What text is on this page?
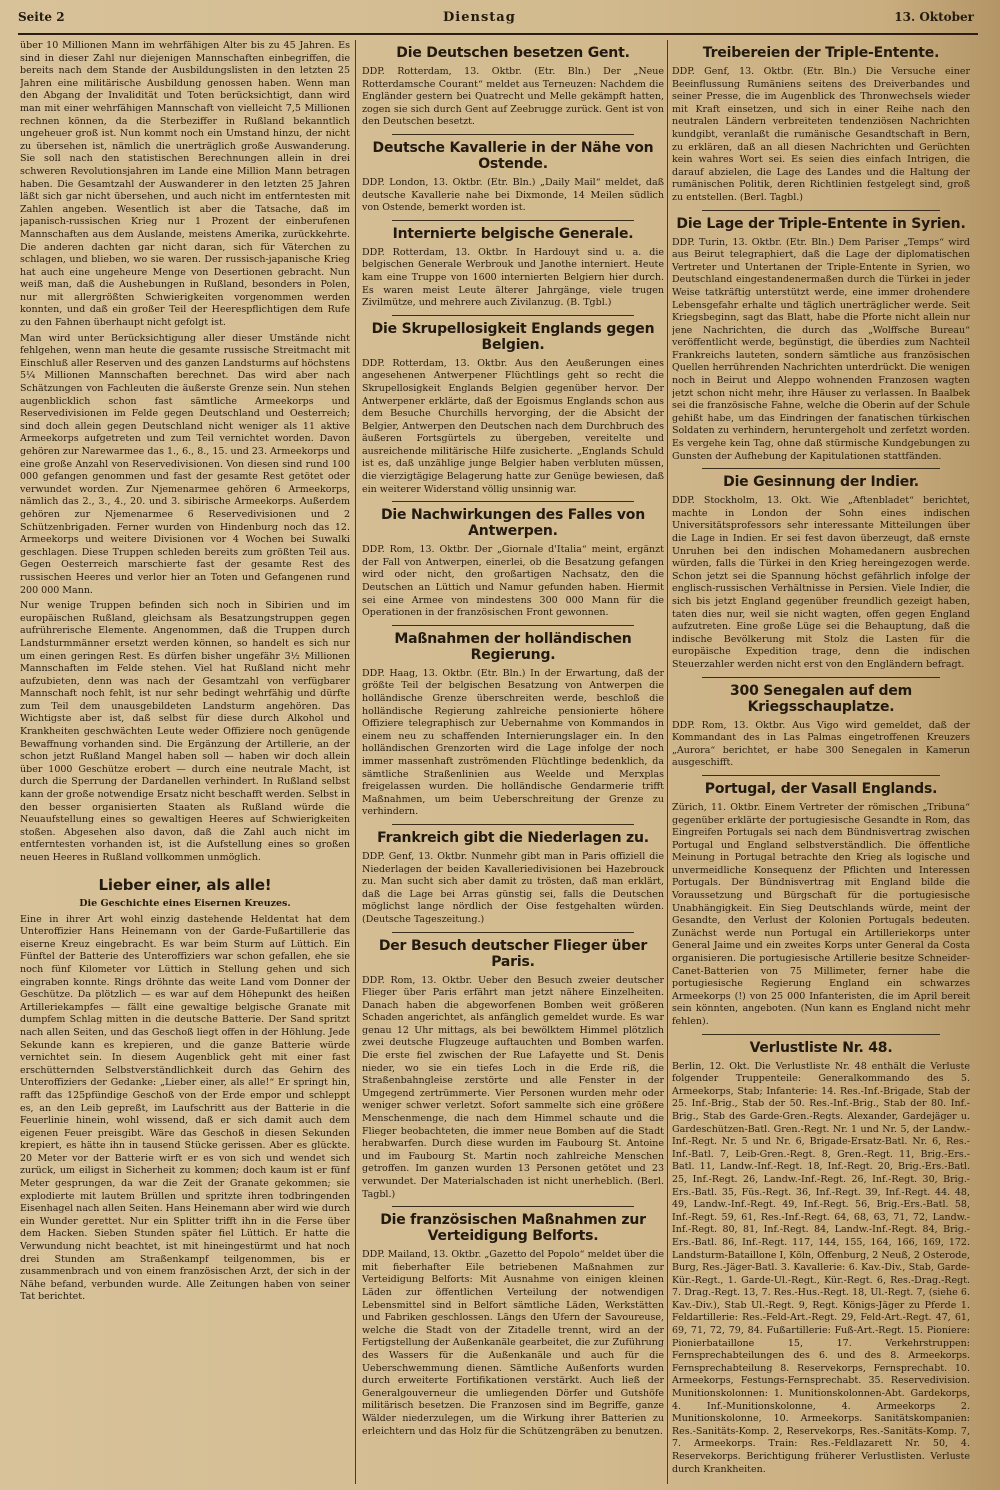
Seite 2	Dienstag	13. Oktober

über 10 Millionen Mann im wehrfähigen Alter bis zu 45 Jahren. Es sind in dieser Zahl nur diejenigen Mannschaften einbegriffen, die bereits nach dem Stande der Ausbildungslisten in den letzten 25 Jahren eine militärische Ausbildung genossen haben. Wenn man den Abgang der Invalidität und Toten berücksichtigt, dann wird man mit einer wehrfähigen Mannschaft von vielleicht 7,5 Millionen rechnen können, da die Sterbeziffer in Rußland bekanntlich ungeheuer groß ist. Nun kommt noch ein Umstand hinzu, der nicht zu übersehen ist, nämlich die unerträglich große Auswanderung. Sie soll nach den statistischen Berechnungen allein in drei schweren Revolutionsjahren im Lande eine Million Mann betragen haben. Die Gesamtzahl der Auswanderer in den letzten 25 Jahren läßt sich gar nicht übersehen, und auch nicht im entferntesten mit Zahlen angeben. Wesentlich ist aber die Tatsache, daß im japanisch-russischen Krieg nur 1 Prozent der einberufenen Mannschaften aus dem Auslande, meistens Amerika, zurückkehrte. Die anderen dachten gar nicht daran, sich für Väterchen zu schlagen, und blieben, wo sie waren. Der russisch-japanische Krieg hat auch eine ungeheure Menge von Desertionen gebracht. Nun weiß man, daß die Aushebungen in Rußland, besonders in Polen, nur mit allergrößten Schwierigkeiten vorgenommen werden konnten, und daß ein großer Teil der Heerespflichtigen dem Rufe zu den Fahnen überhaupt nicht gefolgt ist.

Man wird unter Berücksichtigung aller dieser Umstände nicht fehlgehen, wenn man heute die gesamte russische Streitmacht mit Einschluß aller Reserven und des ganzen Landsturms auf höchstens 5¼ Millionen Mannschaften berechnet. Das wird aber nach Schätzungen von Fachleuten die äußerste Grenze sein. Nun stehen augenblicklich schon fast sämtliche Armeekorps und Reservedivisionen im Felde gegen Deutschland und Oesterreich; sind doch allein gegen Deutschland nicht weniger als 11 aktive Armeekorps aufgetreten und zum Teil vernichtet worden. Davon gehören zur Narewarmee das 1., 6., 8., 15. und 23. Armeekorps und eine große Anzahl von Reservedivisionen. Von diesen sind rund 100 000 gefangen genommen und fast der gesamte Rest getötet oder verwundet worden. Zur Njemenarmee gehören 6 Armeekorps, nämlich das 2., 3., 4., 20. und 3. sibirische Armeekorps. Außerdem gehören zur Njemenarmee 6 Reservedivisionen und 2 Schützenbrigaden. Ferner wurden von Hindenburg noch das 12. Armeekorps und weitere Divisionen vor 4 Wochen bei Suwalki geschlagen. Diese Truppen schleden bereits zum größten Teil aus. Gegen Oesterreich marschierte fast der gesamte Rest des russischen Heeres und verlor hier an Toten und Gefangenen rund 200 000 Mann.

Nur wenige Truppen befinden sich noch in Sibirien und im europäischen Rußland, gleichsam als Besatzungstruppen gegen aufrührerische Elemente. Angenommen, daß die Truppen durch Landsturmmänner ersetzt werden können, so handelt es sich nur um einen geringen Rest. Es dürfen bisher ungefähr 3½ Millionen Mannschaften im Felde stehen. Viel hat Rußland nicht mehr aufzubieten, denn was nach der Gesamtzahl von verfügbarer Mannschaft noch fehlt, ist nur sehr bedingt wehrfähig und dürfte zum Teil dem unausgebildeten Landsturm angehören. Das Wichtigste aber ist, daß selbst für diese durch Alkohol und Krankheiten geschwächten Leute weder Offiziere noch genügende Bewaffnung vorhanden sind. Die Ergänzung der Artillerie, an der schon jetzt Rußland Mangel haben soll — haben wir doch allein über 1000 Geschütze erobert — durch eine neutrale Macht, ist durch die Sperrung der Dardanellen verhindert. In Rußland selbst kann der große notwendige Ersatz nicht beschafft werden. Selbst in den besser organisierten Staaten als Rußland würde die Neuaufstellung eines so gewaltigen Heeres auf Schwierigkeiten stoßen. Abgesehen also davon, daß die Zahl auch nicht im entferntesten vorhanden ist, ist die Aufstellung eines so großen neuen Heeres in Rußland vollkommen unmöglich.

Lieber einer, als alle!
Die Geschichte eines Eisernen Kreuzes.

Eine in ihrer Art wohl einzig dastehende Heldentat hat dem Unteroffizier Hans Heinemann von der Garde-Fußartillerie das eiserne Kreuz eingebracht. Es war beim Sturm auf Lüttich. Ein Fünftel der Batterie des Unteroffiziers war schon gefallen, ehe sie noch fünf Kilometer vor Lüttich in Stellung gehen und sich eingraben konnte. Rings dröhnte das weite Land vom Donner der Geschütze. Da plötzlich — es war auf dem Höhepunkt des heißen Artilleriekampfes — fällt eine gewaltige belgische Granate mit dumpfem Schlag mitten in die deutsche Batterie. Der Sand spritzt nach allen Seiten, und das Geschoß liegt offen in der Höhlung. Jede Sekunde kann es krepieren, und die ganze Batterie würde vernichtet sein. In diesem Augenblick geht mit einer fast erschütternden Selbstverständlichkeit durch das Gehirn des Unteroffiziers der Gedanke: „Lieber einer, als alle!“ Er springt hin, rafft das 125pfündige Geschoß von der Erde empor und schleppt es, an den Leib gepreßt, im Laufschritt aus der Batterie in die Feuerlinie hinein, wohl wissend, daß er sich damit auch dem eigenen Feuer preisgibt. Wäre das Geschoß in diesen Sekunden krepiert, es hätte ihn in tausend Stücke gerissen. Aber es glückte. 20 Meter vor der Batterie wirft er es von sich und wendet sich zurück, um eiligst in Sicherheit zu kommen; doch kaum ist er fünf Meter gesprungen, da war die Zeit der Granate gekommen; sie explodierte mit lautem Brüllen und spritzte ihren todbringenden Eisenhagel nach allen Seiten. Hans Heinemann aber wird wie durch ein Wunder gerettet. Nur ein Splitter trifft ihn in die Ferse über dem Hacken. Sieben Stunden später fiel Lüttich. Er hatte die Verwundung nicht beachtet, ist mit hineingestürmt und hat noch drei Stunden am Straßenkampf teilgenommen, bis er zusammenbrach und von einem französischen Arzt, der sich in der Nähe befand, verbunden wurde. Alle Zeitungen haben von seiner Tat berichtet.

Die Deutschen besetzen Gent.

DDP. Rotterdam, 13. Oktbr. (Etr. Bln.) Der „Neue Rotterdamsche Courant“ meldet aus Terneuzen: Nachdem die Engländer gestern bei Quatrecht und Melle gekämpft hatten, zogen sie sich durch Gent auf Zeebrugge zurück. Gent ist von den Deutschen besetzt.

Deutsche Kavallerie in der Nähe von Ostende.

DDP. London, 13. Oktbr. (Etr. Bln.) „Daily Mail“ meldet, daß deutsche Kavallerie nahe bei Dixmonde, 14 Meilen südlich von Ostende, bemerkt worden ist.

Internierte belgische Generale.

DDP. Rotterdam, 13. Oktbr. In Hardouyt sind u. a. die belgischen Generale Werbrouk und Janothe interniert. Heute kam eine Truppe von 1600 internierten Belgiern hier durch. Es waren meist Leute älterer Jahrgänge, viele trugen Zivilmütze, und mehrere auch Zivilanzug. (B. Tgbl.)

Die Skrupellosigkeit Englands gegen Belgien.

DDP. Rotterdam, 13. Oktbr. Aus den Aeußerungen eines angesehenen Antwerpener Flüchtlings geht so recht die Skrupellosigkeit Englands Belgien gegenüber hervor. Der Antwerpener erklärte, daß der Egoismus Englands schon aus dem Besuche Churchills hervorging, der die Absicht der Belgier, Antwerpen den Deutschen nach dem Durchbruch des äußeren Fortsgürtels zu übergeben, vereitelte und ausreichende militärische Hilfe zusicherte. „Englands Schuld ist es, daß unzählige junge Belgier haben verbluten müssen, die vierzigtägige Belagerung hatte zur Genüge bewiesen, daß ein weiterer Widerstand völlig unsinnig war.

Die Nachwirkungen des Falles von Antwerpen.

DDP. Rom, 13. Oktbr. Der „Giornale d'Italia“ meint, ergänzt der Fall von Antwerpen, einerlei, ob die Besatzung gefangen wird oder nicht, den großartigen Nachsatz, den die Deutschen an Lüttich und Namur gefunden haben. Hiermit sei eine Armee von mindestens 300 000 Mann für die Operationen in der französischen Front gewonnen.

Maßnahmen der holländischen Regierung.

DDP. Haag, 13. Oktbr. (Etr. Bln.) In der Erwartung, daß der größte Teil der belgischen Besatzung von Antwerpen die holländische Grenze überschreiten werde, beschloß die holländische Regierung zahlreiche pensionierte höhere Offiziere telegraphisch zur Uebernahme von Kommandos in einem neu zu schaffenden Internierungslager ein. In den holländischen Grenzorten wird die Lage infolge der noch immer massenhaft zuströmenden Flüchtlinge bedenklich, da sämtliche Straßenlinien aus Weelde und Merxplas freigelassen wurden. Die holländische Gendarmerie trifft Maßnahmen, um beim Ueberschreitung der Grenze zu verhindern.

Frankreich gibt die Niederlagen zu.

DDP. Genf, 13. Oktbr. Nunmehr gibt man in Paris offiziell die Niederlagen der beiden Kavalleriedivisionen bei Hazebrouck zu. Man sucht sich aber damit zu trösten, daß man erklärt, daß die Lage bei Arras günstig sei, falls die Deutschen möglichst lange nördlich der Oise festgehalten würden. (Deutsche Tageszeitung.)

Der Besuch deutscher Flieger über Paris.

DDP. Rom, 13. Oktbr. Ueber den Besuch zweier deutscher Flieger über Paris erfährt man jetzt nähere Einzelheiten. Danach haben die abgeworfenen Bomben weit größeren Schaden angerichtet, als anfänglich gemeldet wurde. Es war genau 12 Uhr mittags, als bei bewölktem Himmel plötzlich zwei deutsche Flugzeuge auftauchten und Bomben warfen. Die erste fiel zwischen der Rue Lafayette und St. Denis nieder, wo sie ein tiefes Loch in die Erde riß, die Straßenbahngleise zerstörte und alle Fenster in der Umgegend zertrümmerte. Vier Personen wurden mehr oder weniger schwer verletzt. Sofort sammelte sich eine größere Menschenmenge, die nach dem Himmel schaute und die Flieger beobachteten, die immer neue Bomben auf die Stadt herabwarfen. Durch diese wurden im Faubourg St. Antoine und im Faubourg St. Martin noch zahlreiche Menschen getroffen. Im ganzen wurden 13 Personen getötet und 23 verwundet. Der Materialschaden ist nicht unerheblich. (Berl. Tagbl.)

Die französischen Maßnahmen zur Verteidigung Belforts.

DDP. Mailand, 13. Oktbr. „Gazetto del Popolo“ meldet über die mit fieberhafter Eile betriebenen Maßnahmen zur Verteidigung Belforts: Mit Ausnahme von einigen kleinen Läden zur öffentlichen Verteilung der notwendigen Lebensmittel sind in Belfort sämtliche Läden, Werkstätten und Fabriken geschlossen. Längs den Ufern der Savoureuse, welche die Stadt von der Zitadelle trennt, wird an der Fertigstellung der Außenkanäle gearbeitet, die zur Zuführung des Wassers für die Außenkanäle und auch für die Ueberschwemmung dienen. Sämtliche Außenforts wurden durch erweiterte Fortifikationen verstärkt. Auch ließ der Generalgouverneur die umliegenden Dörfer und Gutshöfe militärisch besetzen. Die Franzosen sind im Begriffe, ganze Wälder niederzulegen, um die Wirkung ihrer Batterien zu erleichtern und das Holz für die Schützengräben zu benutzen.

Treibereien der Triple-Entente.

DDP. Genf, 13. Oktbr. (Etr. Bln.) Die Versuche einer Beeinflussung Rumäniens seitens des Dreiverbandes und seiner Presse, die im Augenblick des Thronwechsels wieder mit Kraft einsetzen, und sich in einer Reihe nach den neutralen Ländern verbreiteten tendenziösen Nachrichten kundgibt, veranlaßt die rumänische Gesandtschaft in Bern, zu erklären, daß an all diesen Nachrichten und Gerüchten kein wahres Wort sei. Es seien dies einfach Intrigen, die darauf abzielen, die Lage des Landes und die Haltung der rumänischen Politik, deren Richtlinien festgelegt sind, groß zu entstellen. (Berl. Tagbl.)

Die Lage der Triple-Entente in Syrien.

DDP. Turin, 13. Oktbr. (Etr. Bln.) Dem Pariser „Temps“ wird aus Beirut telegraphiert, daß die Lage der diplomatischen Vertreter und Untertanen der Triple-Entente in Syrien, wo Deutschland eingestandenermaßen durch die Türkei in jeder Weise tatkräftig unterstützt werde, eine immer drohendere Lebensgefahr erhalte und täglich unerträglicher werde. Seit Kriegsbeginn, sagt das Blatt, habe die Pforte nicht allein nur jene Nachrichten, die durch das „Wolffsche Bureau“ veröffentlicht werde, begünstigt, die überdies zum Nachteil Frankreichs lauteten, sondern sämtliche aus französischen Quellen herrührenden Nachrichten unterdrückt. Die wenigen noch in Beirut und Aleppo wohnenden Franzosen wagten jetzt schon nicht mehr, ihre Häuser zu verlassen. In Baalbek sei die französische Fahne, welche die Oberin auf der Schule gehißt habe, um das Eindringen der fanatischen türkischen Soldaten zu verhindern, heruntergeholt und zerfetzt worden. Es vergehe kein Tag, ohne daß stürmische Kundgebungen zu Gunsten der Aufhebung der Kapitulationen stattfänden.

Die Gesinnung der Indier.

DDP. Stockholm, 13. Okt. Wie „Aftenbladet“ berichtet, machte in London der Sohn eines indischen Universitätsprofessors sehr interessante Mitteilungen über die Lage in Indien. Er sei fest davon überzeugt, daß ernste Unruhen bei den indischen Mohamedanern ausbrechen würden, falls die Türkei in den Krieg hereingezogen werde. Schon jetzt sei die Spannung höchst gefährlich infolge der englisch-russischen Verhältnisse in Persien. Viele Indier, die sich bis jetzt England gegenüber freundlich gezeigt haben, taten dies nur, weil sie nicht wagten, offen gegen England aufzutreten. Eine große Lüge sei die Behauptung, daß die indische Bevölkerung mit Stolz die Lasten für die europäische Expedition trage, denn die indischen Steuerzahler werden nicht erst von den Engländern befragt.

300 Senegalen auf dem Kriegsschauplatze.

DDP. Rom, 13. Oktbr. Aus Vigo wird gemeldet, daß der Kommandant des in Las Palmas eingetroffenen Kreuzers „Aurora“ berichtet, er habe 300 Senegalen in Kamerun ausgeschifft.

Portugal, der Vasall Englands.

Zürich, 11. Oktbr. Einem Vertreter der römischen „Tribuna“ gegenüber erklärte der portugiesische Gesandte in Rom, das Eingreifen Portugals sei nach dem Bündnisvertrag zwischen Portugal und England selbstverständlich. Die öffentliche Meinung in Portugal betrachte den Krieg als logische und unvermeidliche Konsequenz der Pflichten und Interessen Portugals. Der Bündnisvertrag mit England bilde die Voraussetzung und Bürgschaft für die portugiesische Unabhängigkeit. Ein Sieg Deutschlands würde, meint der Gesandte, den Verlust der Kolonien Portugals bedeuten. Zunächst werde nun Portugal ein Artilleriekorps unter General Jaime und ein zweites Korps unter General da Costa organisieren. Die portugiesische Artillerie besitze Schneider-Canet-Batterien von 75 Millimeter, ferner habe die portugiesische Regierung England ein schwarzes Armeekorps (!) von 25 000 Infanteristen, die im April bereit sein könnten, angeboten. (Nun kann es England nicht mehr fehlen).

Verlustliste Nr. 48.

Berlin, 12. Okt. Die Verlustliste Nr. 48 enthält die Verluste folgender Truppenteile: Generalkommando des 5. Armeekorps, Stab; Infanterie: 14. Res.-Inf.-Brigade, Stab der 25. Inf.-Brig., Stab der 50. Res.-Inf.-Brig., Stab der 80. Inf.-Brig., Stab des Garde-Gren.-Regts. Alexander, Gardejäger u. Gardeschützen-Batl. Gren.-Regt. Nr. 1 und Nr. 5, der Landw.-Inf.-Regt. Nr. 5 und Nr. 6, Brigade-Ersatz-Batl. Nr. 6, Res.-Inf.-Batl. 7, Leib-Gren.-Regt. 8, Gren.-Regt. 11, Brig.-Ers.-Batl. 11, Landw.-Inf.-Regt. 18, Inf.-Regt. 20, Brig.-Ers.-Batl. 25, Inf.-Regt. 26, Landw.-Inf.-Regt. 26, Inf.-Regt. 30, Brig.-Ers.-Batl. 35, Füs.-Regt. 36, Inf.-Regt. 39, Inf.-Regt. 44. 48, 49, Landw.-Inf.-Regt. 49, Inf.-Regt. 56, Brig.-Ers.-Batl. 58, Inf.-Regt. 59, 61, Res.-Inf.-Regt. 64, 68, 63, 71, 72, Landw.-Inf.-Regt. 80, 81, Inf.-Regt. 84, Landw.-Inf.-Regt. 84, Brig.-Ers.-Batl. 86, Inf.-Regt. 117, 144, 155, 164, 166, 169, 172. Landsturm-Bataillone I, Köln, Offenburg, 2 Neuß, 2 Osterode, Burg, Res.-Jäger-Batl. 3. Kavallerie: 6. Kav.-Div., Stab, Garde-Kür.-Regt., 1. Garde-Ul.-Regt., Kür.-Regt. 6, Res.-Drag.-Regt. 7. Drag.-Regt. 13, 7. Res.-Hus.-Regt. 18, Ul.-Regt. 7, (siehe 6. Kav.-Div.), Stab Ul.-Regt. 9, Regt. Königs-Jäger zu Pferde 1. Feldartillerie: Res.-Feld-Art.-Regt. 29, Feld-Art.-Regt. 47, 61, 69, 71, 72, 79, 84. Fußartillerie: Fuß-Art.-Regt. 15. Pioniere: Pionierbataillone 15, 17. Verkehrstruppen: Fernsprechabteilungen des 6. und des 8. Armeekorps. Fernsprechabteilung 8. Reservekorps, Fernsprechabt. 10. Armeekorps, Festungs-Fernsprechabt. 35. Reservedivision. Munitionskolonnen: 1. Munitionskolonnen-Abt. Gardekorps, 4. Inf.-Munitionskolonne, 4. Armeekorps 2. Munitionskolonne, 10. Armeekorps. Sanitätskompanien: Res.-Sanitäts-Komp. 2, Reservekorps, Res.-Sanitäts-Komp. 7, 7. Armeekorps. Train: Res.-Feldlazarett Nr. 50, 4. Reservekorps. Berichtigung früherer Verlustlisten. Verluste durch Krankheiten.
